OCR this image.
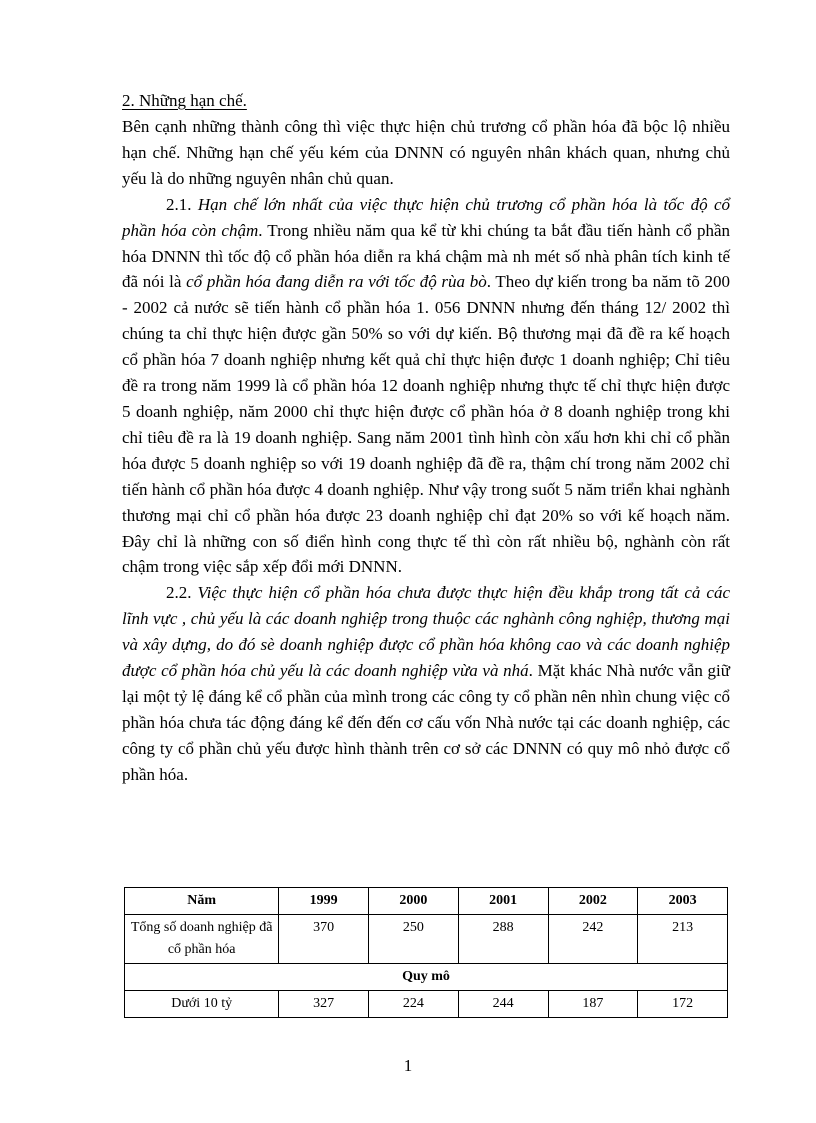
2. Những hạn chế.

Bên cạnh những thành công thì việc thực hiện chủ trương cổ phần hóa đã bộc lộ nhiều hạn chế. Những hạn chế yếu kém của DNNN có nguyên nhân khách quan, nhưng chủ yếu là do những nguyên nhân chủ quan.

2.1. Hạn chế lớn nhất của việc thực hiện chủ trương cổ phần hóa là tốc độ cổ phần hóa còn chậm. Trong nhiều năm qua kể từ khi chúng ta bắt đầu tiến hành cổ phần hóa DNNN thì tốc độ cổ phần hóa diễn ra khá chậm mà nh mét số nhà phân tích kinh tế đã nói là cổ phần hóa đang diễn ra với tốc độ rùa bò. Theo dự kiến trong ba năm tõ 200 - 2002 cả nước sẽ tiến hành cổ phần hóa 1. 056 DNNN nhưng đến tháng 12/ 2002 thì chúng ta chỉ thực hiện được gần 50% so với dự kiến. Bộ thương mại đã đề ra kế hoạch cổ phần hóa 7 doanh nghiệp nhưng kết quả chỉ thực hiện được 1 doanh nghiệp; Chỉ tiêu đề ra trong năm 1999 là cổ phần hóa 12 doanh nghiệp nhưng thực tế chỉ thực hiện được 5 doanh nghiệp, năm 2000 chỉ thực hiện được cổ phần hóa ở 8 doanh nghiệp trong khi chỉ tiêu đề ra là 19 doanh nghiệp. Sang năm 2001 tình hình còn xấu hơn khi chỉ cổ phần hóa được 5 doanh nghiệp so với 19 doanh nghiệp đã đề ra, thậm chí trong năm 2002 chỉ tiến hành cổ phần hóa được 4 doanh nghiệp. Như vậy trong suốt 5 năm triển khai nghành thương mại chỉ cổ phần hóa được 23 doanh nghiệp chỉ đạt 20% so với kế hoạch năm. Đây chỉ là những con số điển hình cong thực tế thì còn rất nhiều bộ, nghành còn rất chậm trong việc sắp xếp đổi mới DNNN.

2.2. Việc thực hiện cổ phần hóa chưa được thực hiện đều khắp trong tất cả các lĩnh vực , chủ yếu là các doanh nghiệp trong thuộc các nghành công nghiệp, thương mại và xây dựng, do đó sè doanh nghiệp được cổ phần hóa không cao và các doanh nghiệp được cổ phần hóa chủ yếu là các doanh nghiệp vừa và nhá. Mặt khác Nhà nước vẫn giữ lại một tỷ lệ đáng kể cổ phần của mình trong các công ty cổ phần nên nhìn chung việc cổ phần hóa chưa tác động đáng kể đến đến cơ cấu vốn Nhà nước tại các doanh nghiệp, các công ty cổ phần chủ yếu được hình thành trên cơ sở các DNNN có quy mô nhỏ được cổ phần hóa.

Năm	1999	2000	2001	2002	2003
Tổng số doanh nghiệp đã cổ phần hóa	370	250	288	242	213
Quy mô					
Dưới 10 tỷ	327	224	244	187	172
1
